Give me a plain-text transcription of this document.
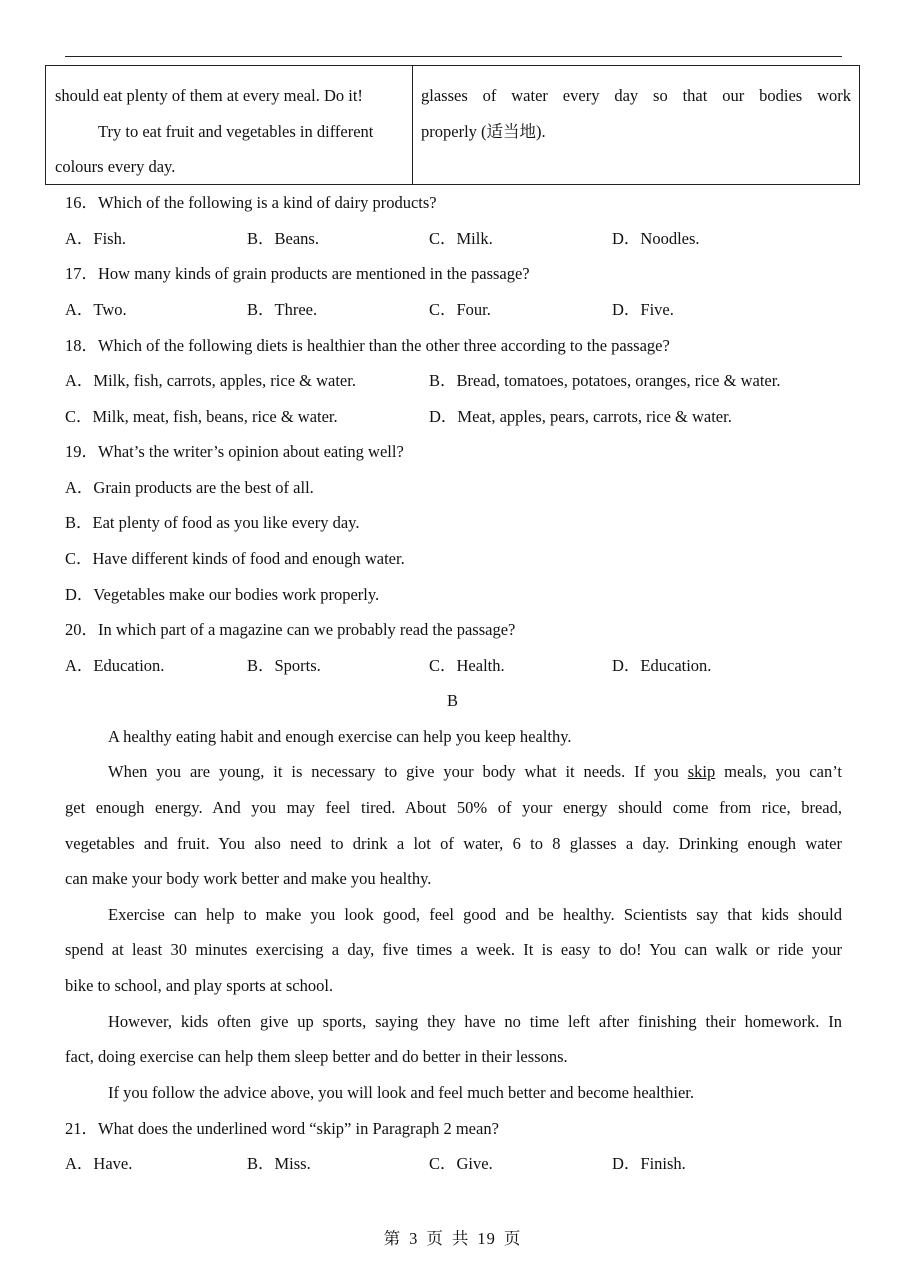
should eat plenty of them at every meal. Do it!

Try to eat fruit and vegetables in different

colours every day.

glasses of water every day so that our bodies work

properly (适当地).

16．Which of the following is a kind of dairy products?
A．Fish.	B．Beans.	C．Milk.	D．Noodles.
17．How many kinds of grain products are mentioned in the passage?
A．Two.	B．Three.	C．Four.	D．Five.
18．Which of the following diets is healthier than the other three according to the passage?
A．Milk, fish, carrots, apples, rice & water.	B．Bread, tomatoes, potatoes, oranges, rice & water.
C．Milk, meat, fish, beans, rice & water.	D．Meat, apples, pears, carrots, rice & water.
19．What’s the writer’s opinion about eating well?
A．Grain products are the best of all.
B．Eat plenty of food as you like every day.
C．Have different kinds of food and enough water.
D．Vegetables make our bodies work properly.
20．In which part of a magazine can we probably read the passage?
A．Education.	B．Sports.	C．Health.	D．Education.
B
A healthy eating habit and enough exercise can help you keep healthy.
When you are young, it is necessary to give your body what it needs. If you skip meals, you can’t
get enough energy. And you may feel tired. About 50% of your energy should come from rice, bread,
vegetables and fruit. You also need to drink a lot of water, 6 to 8 glasses a day. Drinking enough water
can make your body work better and make you healthy.
Exercise can help to make you look good, feel good and be healthy. Scientists say that kids should
spend at least 30 minutes exercising a day, five times a week. It is easy to do! You can walk or ride your
bike to school, and play sports at school.
However, kids often give up sports, saying they have no time left after finishing their homework. In
fact, doing exercise can help them sleep better and do better in their lessons.
If you follow the advice above, you will look and feel much better and become healthier.
21．What does the underlined word “skip” in Paragraph 2 mean?
A．Have.	B．Miss.	C．Give.	D．Finish.
第 3 页 共 19 页
